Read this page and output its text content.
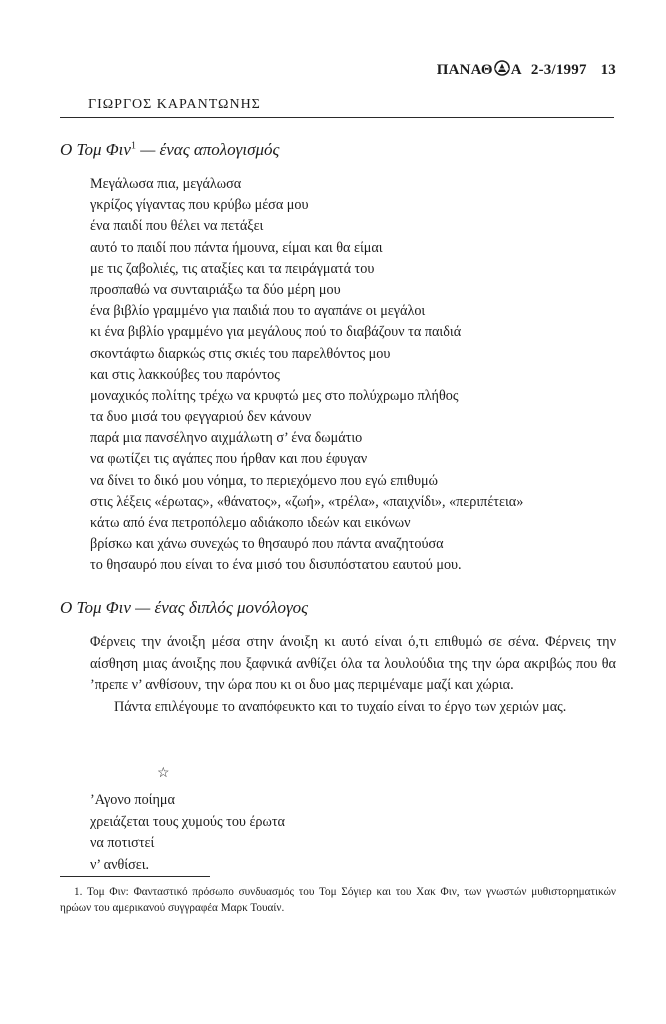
ΠΑΝΑΘ Α 2-3/1997 13
ΓΙΩΡΓΟΣ ΚΑΡΑΝΤΩΝΗΣ
Ο Τομ Φιν$^1$ — ένας απολογισμός
Μεγάλωσα πια, μεγάλωσα
γκρίζος γίγαντας που κρύβω μέσα μου
ένα παιδί που θέλει να πετάξει
αυτό το παιδί που πάντα ήμουνα, είμαι και θα είμαι
με τις ζαβολιές, τις αταξίες και τα πειράγματά του
προσπαθώ να συνταιριάξω τα δύο μέρη μου
ένα βιβλίο γραμμένο για παιδιά που το αγαπάνε οι μεγάλοι
κι ένα βιβλίο γραμμένο για μεγάλους πού το διαβάζουν τα παιδιά
σκοντάφτω διαρκώς στις σκιές του παρελθόντος μου
και στις λακκούβες του παρόντος
μοναχικός πολίτης τρέχω να κρυφτώ μες στο πολύχρωμο πλήθος
τα δυο μισά του φεγγαριού δεν κάνουν
παρά μια πανσέληνο αιχμάλωτη σ’ ένα δωμάτιο
να φωτίζει τις αγάπες που ήρθαν και που έφυγαν
να δίνει το δικό μου νόημα, το περιεχόμενο που εγώ επιθυμώ
στις λέξεις «έρωτας», «θάνατος», «ζωή», «τρέλα», «παιχνίδι», «περιπέτεια»
κάτω από ένα πετροπόλεμο αδιάκοπο ιδεών και εικόνων
βρίσκω και χάνω συνεχώς το θησαυρό που πάντα αναζητούσα
το θησαυρό που είναι το ένα μισό του δισυπόστατου εαυτού μου.
Ο Τομ Φιν — ένας διπλός μονόλογος

Φέρνεις την άνοιξη μέσα στην άνοιξη κι αυτό είναι ό,τι επιθυμώ σε σένα. Φέρνεις την αίσθηση μιας άνοιξης που ξαφνικά ανθίζει όλα τα λουλούδια της την ώρα ακριβώς που θα ’πρεπε ν’ ανθίσουν, την ώρα που κι οι δυο μας περιμέναμε μαζί και χώρια.

Πάντα επιλέγουμε το αναπόφευκτο και το τυχαίο είναι το έργο των χεριών μας.

☆
’Αγονο ποίημα
χρειάζεται τους χυμούς του έρωτα
να ποτιστεί
ν’ ανθίσει.

1. Τομ Φιν: Φανταστικό πρόσωπο συνδυασμός του Τομ Σόγιερ και του Χακ Φιν, των γνωστών μυθιστορηματικών ηρώων του αμερικανού συγγραφέα Μαρκ Τουαίν.
